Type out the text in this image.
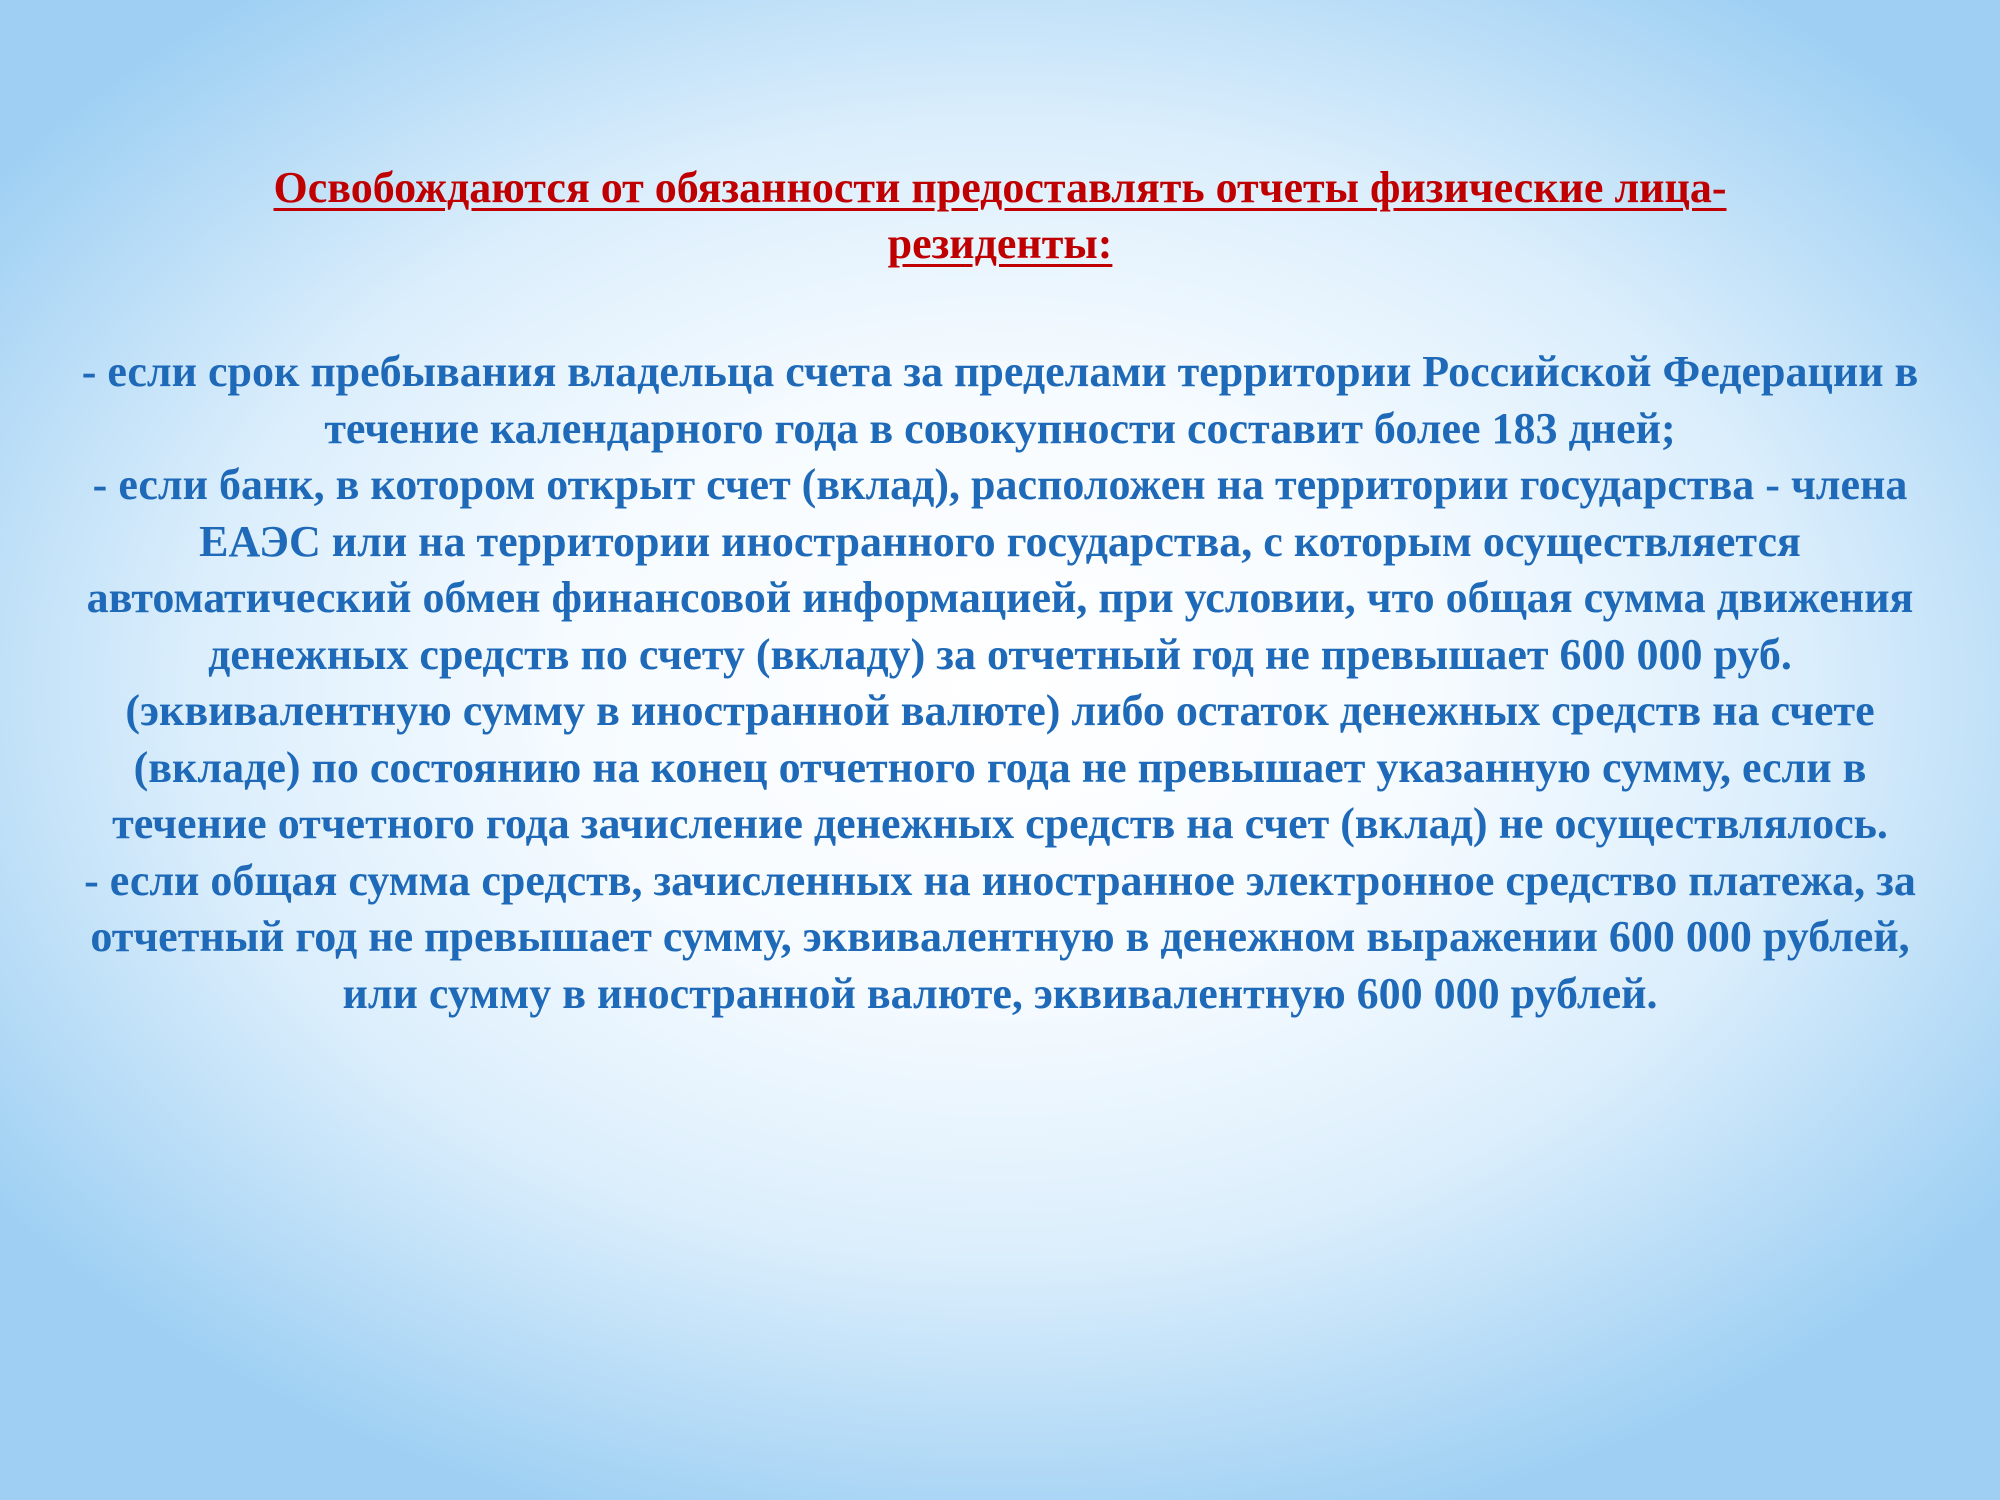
Освобождаются от обязанности предоставлять отчеты физические лица-
резиденты:

- если срок пребывания владельца счета за пределами территории Российской Федерации в течение календарного года в совокупности составит более 183 дней;

- если банк, в котором открыт счет (вклад), расположен на территории государства - члена ЕАЭС или на территории иностранного государства, с которым осуществляется автоматический обмен финансовой информацией, при условии, что общая сумма движения денежных средств по счету (вкладу) за отчетный год не превышает 600 000 руб. (эквивалентную сумму в иностранной валюте) либо остаток денежных средств на счете (вкладе) по состоянию на конец отчетного года не превышает указанную сумму, если в течение отчетного года зачисление денежных средств на счет (вклад) не осуществлялось.

- если общая сумма средств, зачисленных на иностранное электронное средство платежа, за отчетный год не превышает сумму, эквивалентную в денежном выражении 600 000 рублей, или сумму в иностранной валюте, эквивалентную 600 000 рублей.
